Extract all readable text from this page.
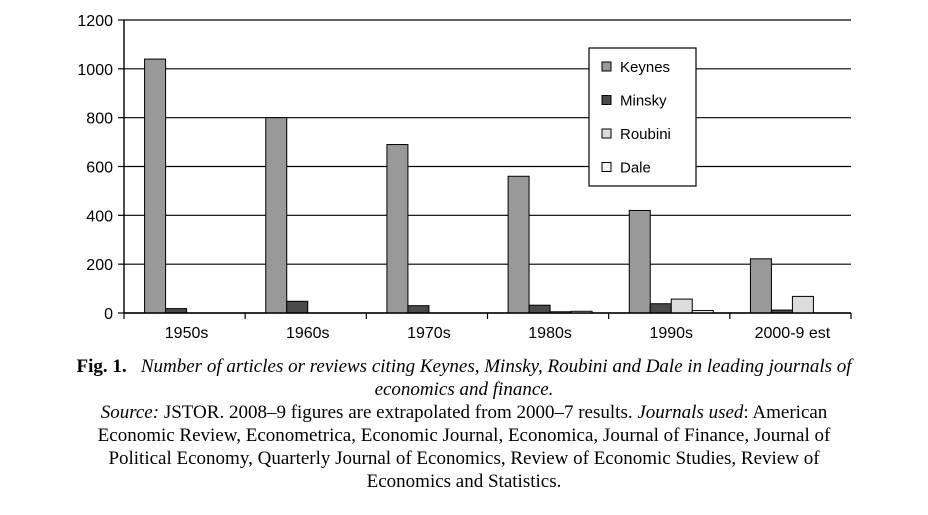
0
200
400
600
800
1000
1200
1950s	1960s	1970s	1980s	1990s	2000-9 est
Keynes
Minsky
Roubini
Dale
Fig. 1. Number of articles or reviews citing Keynes, Minsky, Roubini and Dale in leading journals of
economics and finance.
Source: JSTOR. 2008–9 figures are extrapolated from 2000–7 results. Journals used: American
Economic Review, Econometrica, Economic Journal, Economica, Journal of Finance, Journal of
Political Economy, Quarterly Journal of Economics, Review of Economic Studies, Review of
Economics and Statistics.
